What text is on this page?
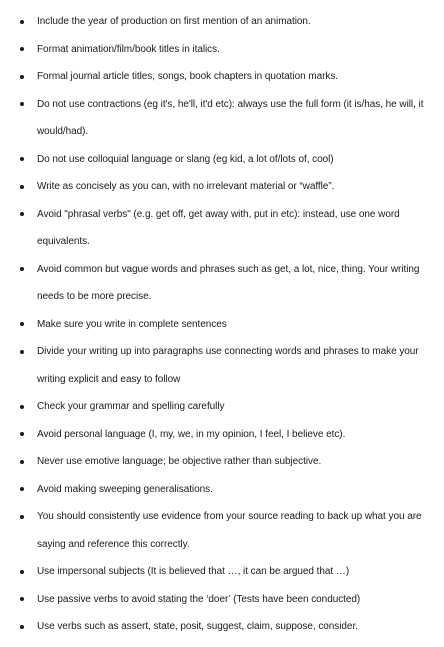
Include the year of production on first mention of an animation.
Format animation/film/book titles in italics.
Formal journal article titles, songs, book chapters in quotation marks.
Do not use contractions (eg it's, he'll, it'd etc): always use the full form (it is/has, he will, it would/had).
Do not use colloquial language or slang (eg kid, a lot of/lots of, cool)
Write as concisely as you can, with no irrelevant material or “waffle”.
Avoid "phrasal verbs" (e.g. get off, get away with, put in etc): instead, use one word equivalents.
Avoid common but vague words and phrases such as get, a lot, nice, thing. Your writing needs to be more precise.
Make sure you write in complete sentences
Divide your writing up into paragraphs use connecting words and phrases to make your writing explicit and easy to follow
Check your grammar and spelling carefully
Avoid personal language (I, my, we, in my opinion, I feel, I believe etc).
Never use emotive language; be objective rather than subjective.
Avoid making sweeping generalisations.
You should consistently use evidence from your source reading to back up what you are saying and reference this correctly.
Use impersonal subjects (It is believed that …, it can be argued that …)
Use passive verbs to avoid stating the ‘doer’ (Tests have been conducted)
Use verbs such as assert, state, posit, suggest, claim, suppose, consider.
